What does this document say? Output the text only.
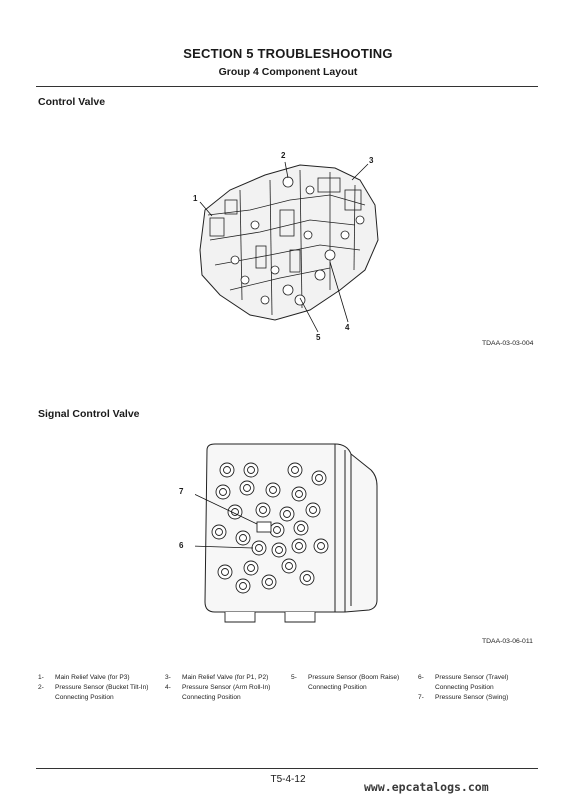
SECTION 5 TROUBLESHOOTING
Group 4 Component Layout
Control Valve
1
2
3
4
5
TDAA-03-03-004
Signal Control Valve
7
6
TDAA-03-06-011
1- Main Relief Valve (for P3)
2- Pressure Sensor (Bucket Tilt-In)
Connecting Position
3- Main Relief Valve (for P1, P2)
4- Pressure Sensor (Arm Roll-In)
Connecting Position
5- Pressure Sensor (Boom Raise)
Connecting Position
6- Pressure Sensor (Travel)
Connecting Position
7- Pressure Sensor (Swing)
T5-4-12
www.epcatalogs.com
